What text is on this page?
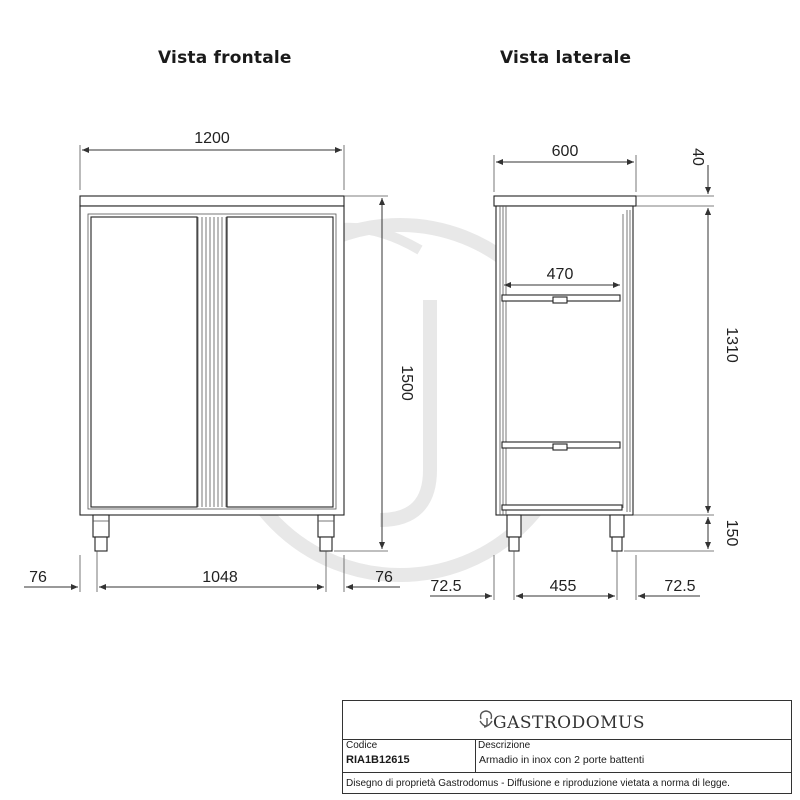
1200
1500
76	1048	76
600
470
40
1310
150
72.5	455	72.5
Vista frontale	Vista laterale
GASTRODOMUS
Codice
RIA1B12615
Descrizione
Armadio in inox con 2 porte battenti
Disegno di proprietà Gastrodomus - Diffusione e riproduzione vietata a norma di legge.
